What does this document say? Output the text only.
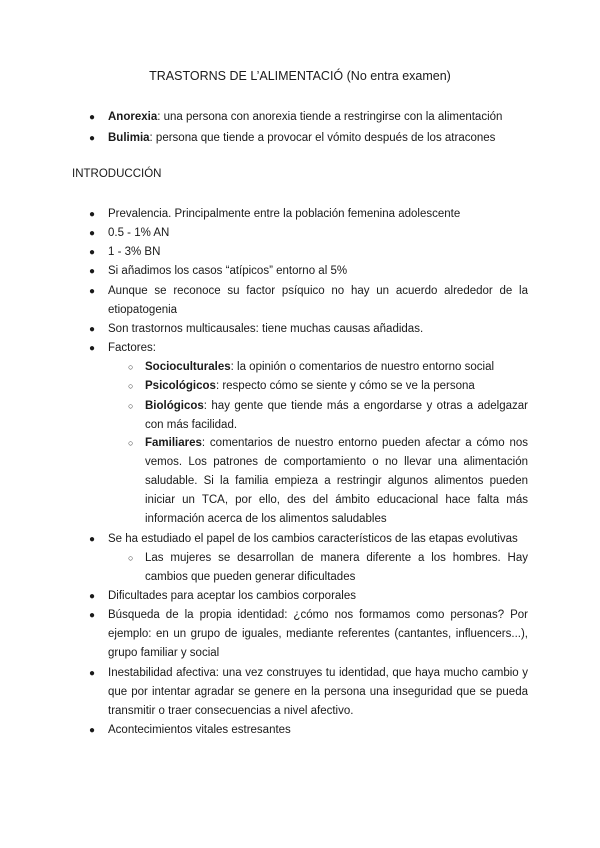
TRASTORNS DE L’ALIMENTACIÓ (No entra examen)
● Anorexia: una persona con anorexia tiende a restringirse con la alimentación
● Bulimia: persona que tiende a provocar el vómito después de los atracones
INTRODUCCIÓN
● Prevalencia. Principalmente entre la población femenina adolescente
● 0.5 - 1% AN
● 1 - 3% BN
● Si añadimos los casos “atípicos” entorno al 5%
● Aunque se reconoce su factor psíquico no hay un acuerdo alrededor de la etiopatogenia
● Son trastornos multicausales: tiene muchas causas añadidas.
● Factores:
○ Socioculturales: la opinión o comentarios de nuestro entorno social
○ Psicológicos: respecto cómo se siente y cómo se ve la persona
○ Biológicos: hay gente que tiende más a engordarse y otras a adelgazar con más facilidad.
○ Familiares: comentarios de nuestro entorno pueden afectar a cómo nos vemos. Los patrones de comportamiento o no llevar una alimentación saludable. Si la familia empieza a restringir algunos alimentos pueden iniciar un TCA, por ello, des del ámbito educacional hace falta más información acerca de los alimentos saludables
● Se ha estudiado el papel de los cambios característicos de las etapas evolutivas
○ Las mujeres se desarrollan de manera diferente a los hombres. Hay cambios que pueden generar dificultades
● Dificultades para aceptar los cambios corporales
● Búsqueda de la propia identidad: ¿cómo nos formamos como personas? Por ejemplo: en un grupo de iguales, mediante referentes (cantantes, influencers...), grupo familiar y social
● Inestabilidad afectiva: una vez construyes tu identidad, que haya mucho cambio y que por intentar agradar se genere en la persona una inseguridad que se pueda transmitir o traer consecuencias a nivel afectivo.
● Acontecimientos vitales estresantes
